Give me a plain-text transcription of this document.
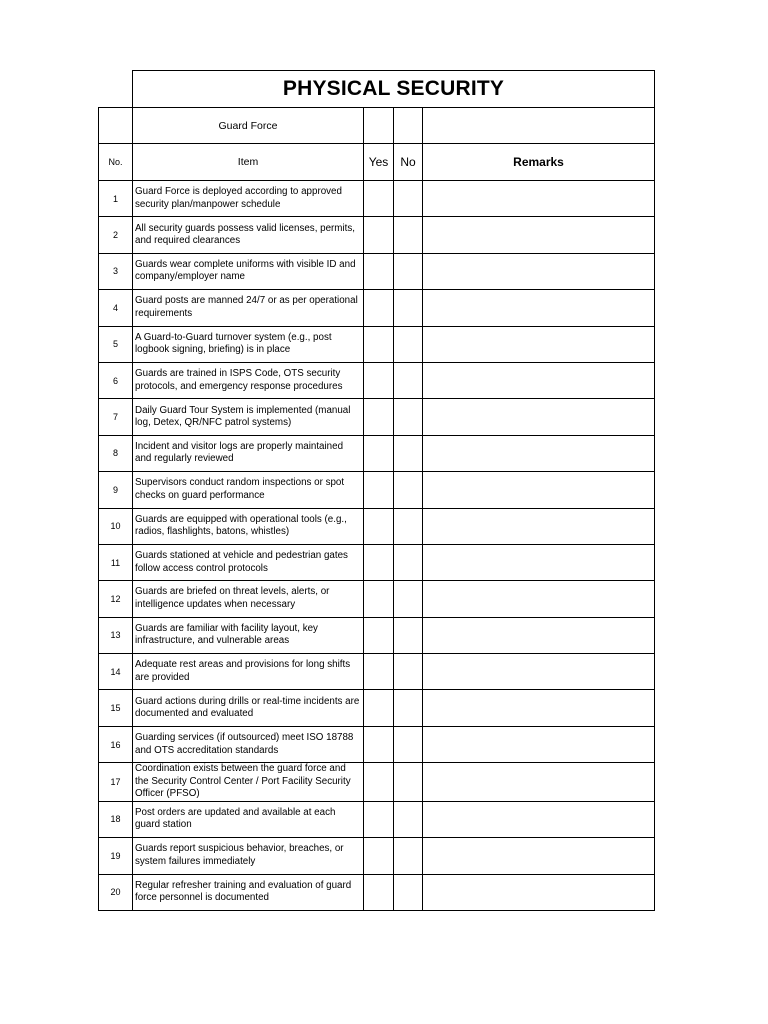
	PHYSICAL SECURITY			
	Guard Force			
No.	Item	Yes	No	Remarks
1	Guard Force is deployed according to approved security plan/manpower schedule			
2	All security guards possess valid licenses, permits, and required clearances			
3	Guards wear complete uniforms with visible ID and company/employer name			
4	Guard posts are manned 24/7 or as per operational requirements			
5	A Guard-to-Guard turnover system (e.g., post logbook signing, briefing) is in place			
6	Guards are trained in ISPS Code, OTS security protocols, and emergency response procedures			
7	Daily Guard Tour System is implemented (manual log, Detex, QR/NFC patrol systems)			
8	Incident and visitor logs are properly maintained and regularly reviewed			
9	Supervisors conduct random inspections or spot checks on guard performance			
10	Guards are equipped with operational tools (e.g., radios, flashlights, batons, whistles)			
11	Guards stationed at vehicle and pedestrian gates follow access control protocols			
12	Guards are briefed on threat levels, alerts, or intelligence updates when necessary			
13	Guards are familiar with facility layout, key infrastructure, and vulnerable areas			
14	Adequate rest areas and provisions for long shifts are provided			
15	Guard actions during drills or real-time incidents are documented and evaluated			
16	Guarding services (if outsourced) meet ISO 18788 and OTS accreditation standards			
17	Coordination exists between the guard force and the Security Control Center / Port Facility Security Officer (PFSO)			
18	Post orders are updated and available at each guard station			
19	Guards report suspicious behavior, breaches, or system failures immediately			
20	Regular refresher training and evaluation of guard force personnel is documented			
